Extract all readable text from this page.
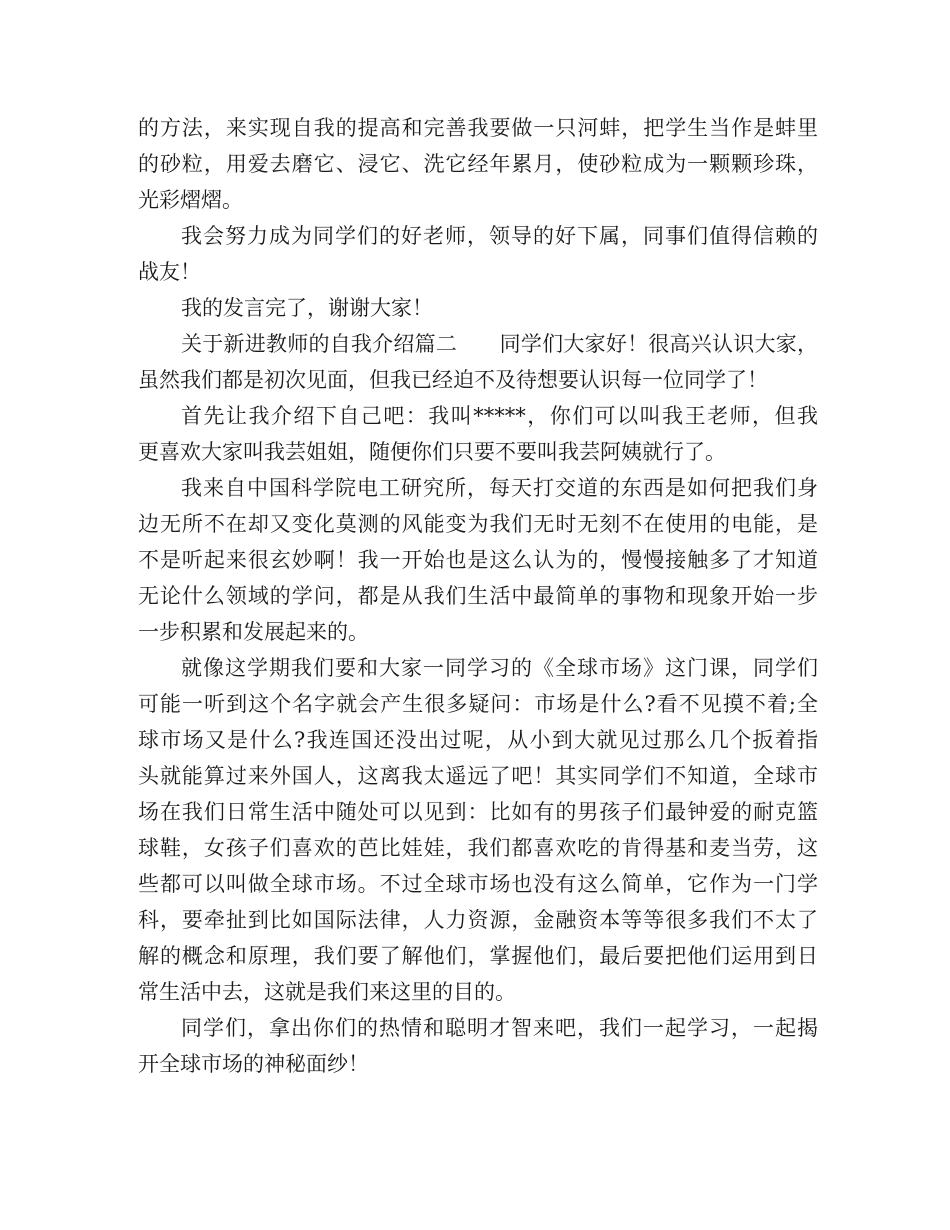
的方法，来实现自我的提高和完善我要做一只河蚌，把学生当作是蚌里
的砂粒，用爱去磨它、浸它、洗它经年累月，使砂粒成为一颗颗珍珠，
光彩熠熠。
我会努力成为同学们的好老师，领导的好下属，同事们值得信赖的
战友！
我的发言完了，谢谢大家！
关于新进教师的自我介绍篇二　　同学们大家好！很高兴认识大家，
虽然我们都是初次见面，但我已经迫不及待想要认识每一位同学了！
首先让我介绍下自己吧：我叫*****，你们可以叫我王老师，但我
更喜欢大家叫我芸姐姐，随便你们只要不要叫我芸阿姨就行了。
我来自中国科学院电工研究所，每天打交道的东西是如何把我们身
边无所不在却又变化莫测的风能变为我们无时无刻不在使用的电能，是
不是听起来很玄妙啊！我一开始也是这么认为的，慢慢接触多了才知道
无论什么领域的学问，都是从我们生活中最简单的事物和现象开始一步
一步积累和发展起来的。
就像这学期我们要和大家一同学习的《全球市场》这门课，同学们
可能一听到这个名字就会产生很多疑问：市场是什么?看不见摸不着;全
球市场又是什么?我连国还没出过呢，从小到大就见过那么几个扳着指
头就能算过来外国人，这离我太遥远了吧！其实同学们不知道，全球市
场在我们日常生活中随处可以见到：比如有的男孩子们最钟爱的耐克篮
球鞋，女孩子们喜欢的芭比娃娃，我们都喜欢吃的肯得基和麦当劳，这
些都可以叫做全球市场。不过全球市场也没有这么简单，它作为一门学
科，要牵扯到比如国际法律，人力资源，金融资本等等很多我们不太了
解的概念和原理，我们要了解他们，掌握他们，最后要把他们运用到日
常生活中去，这就是我们来这里的目的。
同学们，拿出你们的热情和聪明才智来吧，我们一起学习，一起揭
开全球市场的神秘面纱！
